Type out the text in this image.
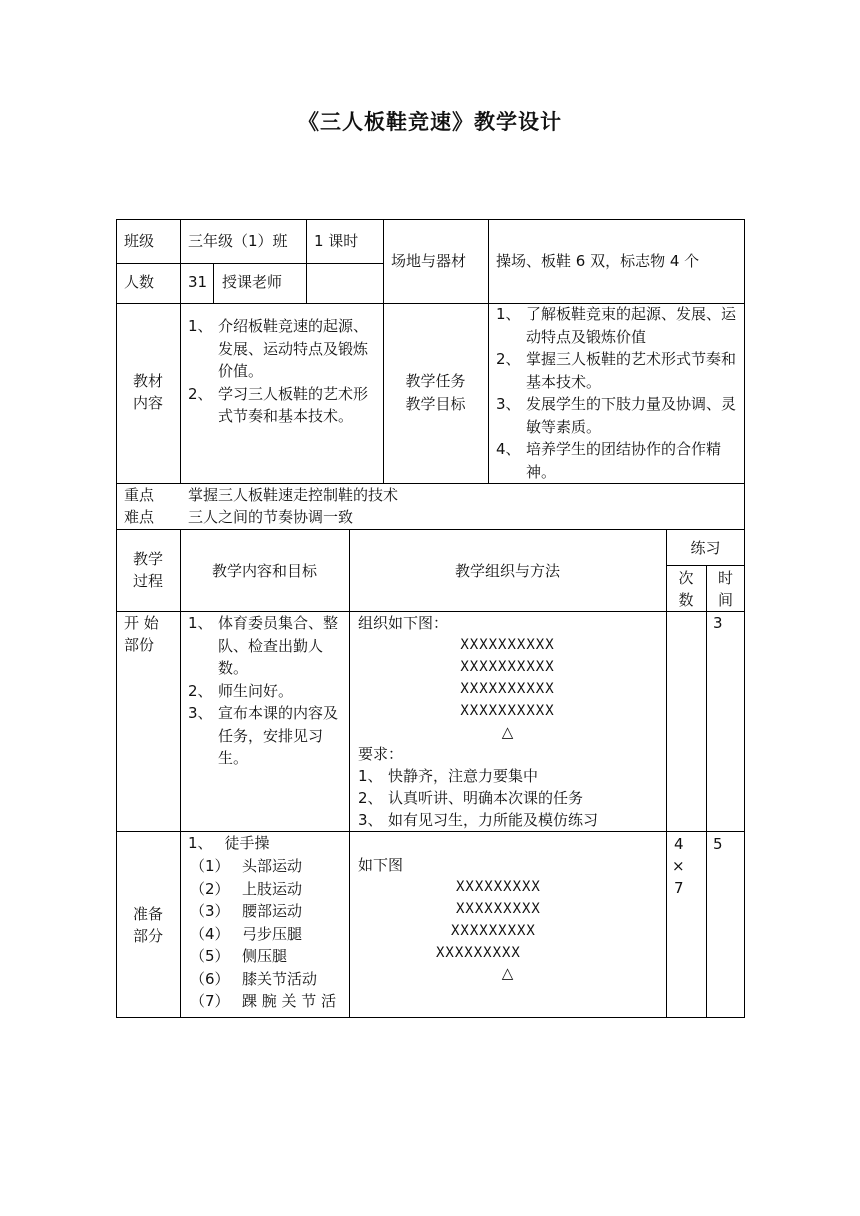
《三人板鞋竞速》教学设计
班级 三年级（1）班 1 课时
场地与器材 操场、板鞋 6 双，标志物 4 个
人数 31 授课老师
教材内容
1、 介绍板鞋竞速的起源、发展、运动特点及锻炼价值。
2、 学习三人板鞋的艺术形式节奏和基本技术。
教学任务
教学目标
1、 了解板鞋竞束的起源、发展、运动特点及锻炼价值
2、 掌握三人板鞋的艺术形式节奏和基本技术。
3、 发展学生的下肢力量及协调、灵敏等素质。
4、 培养学生的团结协作的合作精神。
重点
难点
掌握三人板鞋速走控制鞋的技术
三人之间的节奏协调一致
教学过程
教学内容和目标	教学组织与方法
练习
次数
时间
开 始 部份
1、 体育委员集合、整队、检查出勤人数。
2、 师生问好。
3、 宣布本课的内容及任务，安排见习生。
组织如下图：
XXXXXXXXXX
XXXXXXXXXX
XXXXXXXXXX
XXXXXXXXXX
△
要求：
1、 快静齐，注意力要集中
2、 认真听讲、明确本次课的任务
3、 如有见习生，力所能及模仿练习
3
准备
部分
1、 徒手操
（1） 头部运动
（2） 上肢运动
（3） 腰部运动
（4） 弓步压腿
（5） 侧压腿
（6） 膝关节活动
（7） 踝 腕 关 节 活
如下图
XXXXXXXXX
XXXXXXXXX
XXXXXXXXX
XXXXXXXXX
△
4
×
7
5
